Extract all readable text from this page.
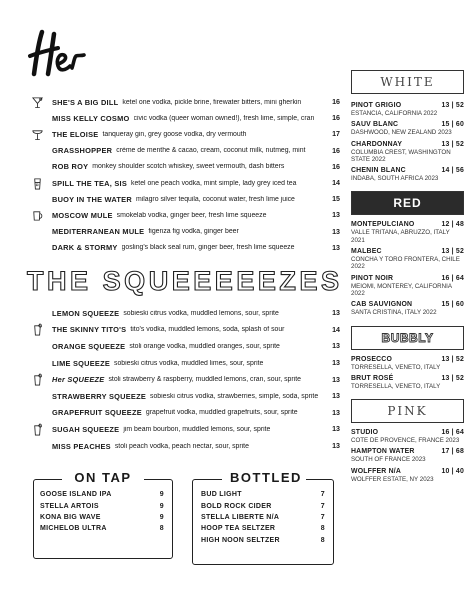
SHE'S A BIG DILL ketel one vodka, pickle brine, firewater bitters, mini gherkin	16
MISS KELLY COSMO civic vodka (queer woman owned!), fresh lime, simple, cran	16
THE ELOISE tanqueray gin, grey goose vodka, dry vermouth	17
GRASSHOPPER crème de menthe & cacao, cream, coconut milk, nutmeg, mint	16
ROB ROY monkey shoulder scotch whiskey, sweet vermouth, dash bitters	16
SPILL THE TEA, SIS ketel one peach vodka, mint simple, lady grey iced tea	14
BUOY IN THE WATER milagro silver tequila, coconut water, fresh lime juice	15
MOSCOW MULE smokelab vodka, ginger beer, fresh lime squeeze	13
MEDITERRANEAN MULE figenza fig vodka, ginger beer	13
DARK & STORMY gosling's black seal rum, ginger beer, fresh lime squeeze	13
THE SQUEEEEEZES
LEMON SQUEEZE sobieski citrus vodka, muddled lemons, sour, sprite	13
THE SKINNY TITO'S tito's vodka, muddled lemons, soda, splash of sour	14
ORANGE SQUEEZE stoli orange vodka, muddled oranges, sour, sprite	13
LIME SQUEEZE sobieski citrus vodka, muddled limes, sour, sprite	13
Her SQUEEZE stoli strawberry & raspberry, muddled lemons, cran, sour, sprite	13
STRAWBERRY SQUEEZE sobieski citrus vodka, strawberries, simple, soda, sprite	13
GRAPEFRUIT SQUEEZE grapefruit vodka, muddled grapefruits, sour, sprite	13
SUGAH SQUEEZE jim beam bourbon, muddled lemons, sour, sprite	13
MISS PEACHES stoli peach vodka, peach nectar, sour, sprite	13
ON TAP
GOOSE ISLAND IPA	9
STELLA ARTOIS	9
KONA BIG WAVE	9
MICHELOB ULTRA	8
BOTTLED
BUD LIGHT	7
BOLD ROCK CIDER	7
STELLA LIBERTE N/A	7
HOOP TEA SELTZER	8
HIGH NOON SELTZER	8
WHITE
PINOT GRIGIO	13 | 52
ESTANCIA, CALIFORNIA 2022
SAUV BLANC	15 | 60
DASHWOOD, NEW ZEALAND 2023
CHARDONNAY	13 | 52
COLUMBIA CREST, WASHINGTON STATE 2022
CHENIN BLANC	14 | 56
INDABA, SOUTH AFRICA 2023
RED
MONTEPULCIANO	12 | 48
VALLE TRITANA, ABRUZZO, ITALY 2021
MALBEC	13 | 52
CONCHA Y TORO FRONTERA, CHILE 2022
PINOT NOIR	16 | 64
MEIOMI, MONTEREY, CALIFORNIA 2022
CAB SAUVIGNON	15 | 60
SANTA CRISTINA, ITALY 2022
BUBBLY
PROSECCO	13 | 52
TORRESELLA, VENETO, ITALY
BRUT ROSÉ	13 | 52
TORRESELLA, VENETO, ITALY
PINK
STUDIO	16 | 64
COTE DE PROVENCE, FRANCE 2023
HAMPTON WATER	17 | 68
SOUTH OF FRANCE 2023
WOLFFER N/A	10 | 40
WOLFFER ESTATE, NY 2023
